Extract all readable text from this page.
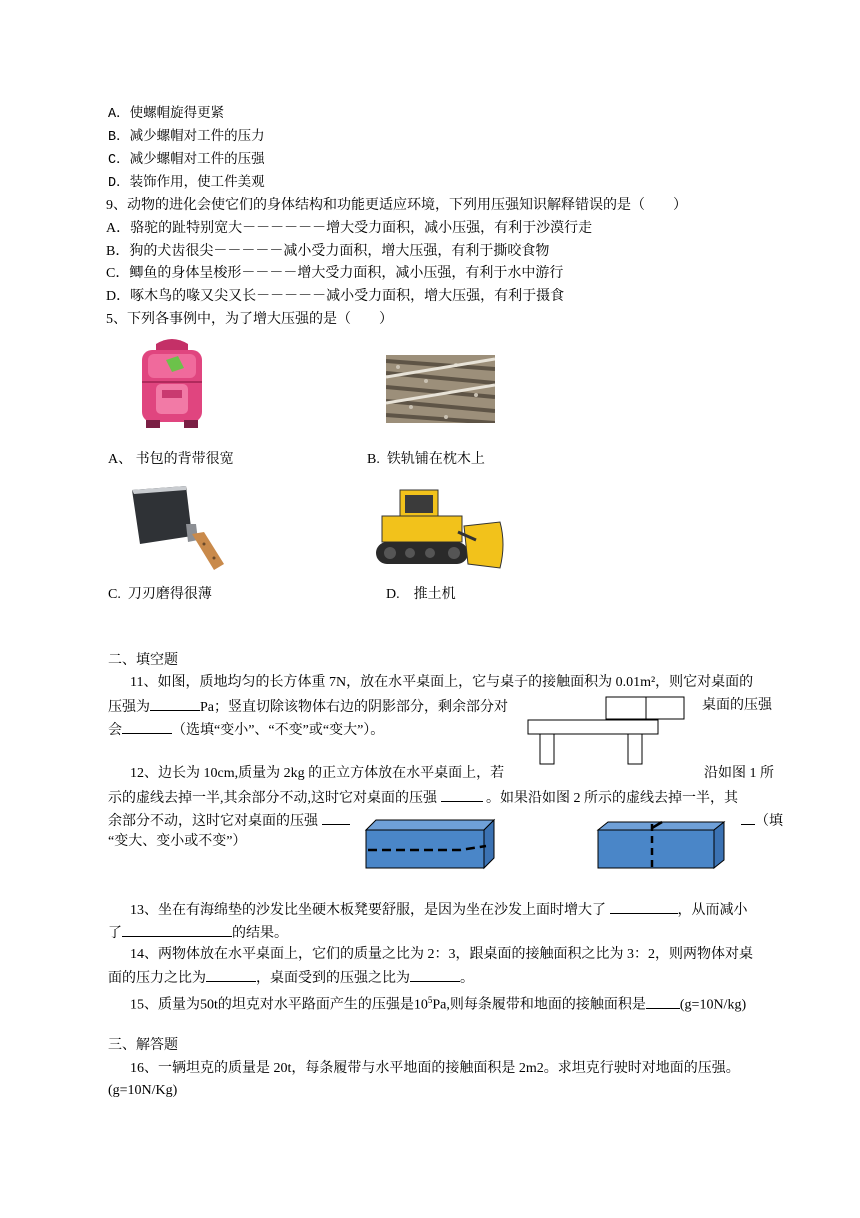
A．使螺帽旋得更紧
B．减少螺帽对工件的压力
C．减少螺帽对工件的压强
D．装饰作用，使工件美观
9、动物的进化会使它们的身体结构和功能更适应环境，下列用压强知识解释错误的是（　　）
A．骆驼的趾特别宽大－－－－－－增大受力面积，减小压强，有利于沙漠行走
B．狗的犬齿很尖－－－－－减小受力面积，增大压强，有利于撕咬食物
C．鲫鱼的身体呈梭形－－－－增大受力面积，减小压强，有利于水中游行
D．啄木鸟的喙又尖又长－－－－－减小受力面积，增大压强，有利于摄食
5、下列各事例中，为了增大压强的是（　　）
A、 书包的背带很宽	B.  铁轨铺在枕木上
C.  刀刃磨得很薄	D.    推土机
二、填空题
11、如图，质地均匀的长方体重 7N，放在水平桌面上，它与桌子的接触面积为 0.01m²，则它对桌面的
压强为	Pa；竖直切除该物体右边的阴影部分，剩余部分对	桌面的压强
会	（选填“变小”、“不变”或“变大”）。
12、边长为 10cm,质量为 2kg 的正立方体放在水平桌面上，若	沿如图 1 所
示的虚线去掉一半,其余部分不动,这时它对桌面的压强	。如果沿如图 2 所示的虚线去掉一半，其
余部分不动，这时它对桌面的压强	（填
“变大、变小或不变”）
13、坐在有海绵垫的沙发比坐硬木板凳要舒服，是因为坐在沙发上面时增大了	，从而减小
了	的结果。
14、两物体放在水平桌面上，它们的质量之比为 2：3，跟桌面的接触面积之比为 3：2，则两物体对桌
面的压力之比为	，桌面受到的压强之比为	。
15、质量为50t的坦克对水平路面产生的压强是$10^5Pa$,则每条履带和地面的接触面积是 (g=10N/kg)
三、解答题
16、一辆坦克的质量是 20t，每条履带与水平地面的接触面积是 2m2。求坦克行驶时对地面的压强。
(g=10N/Kg)
